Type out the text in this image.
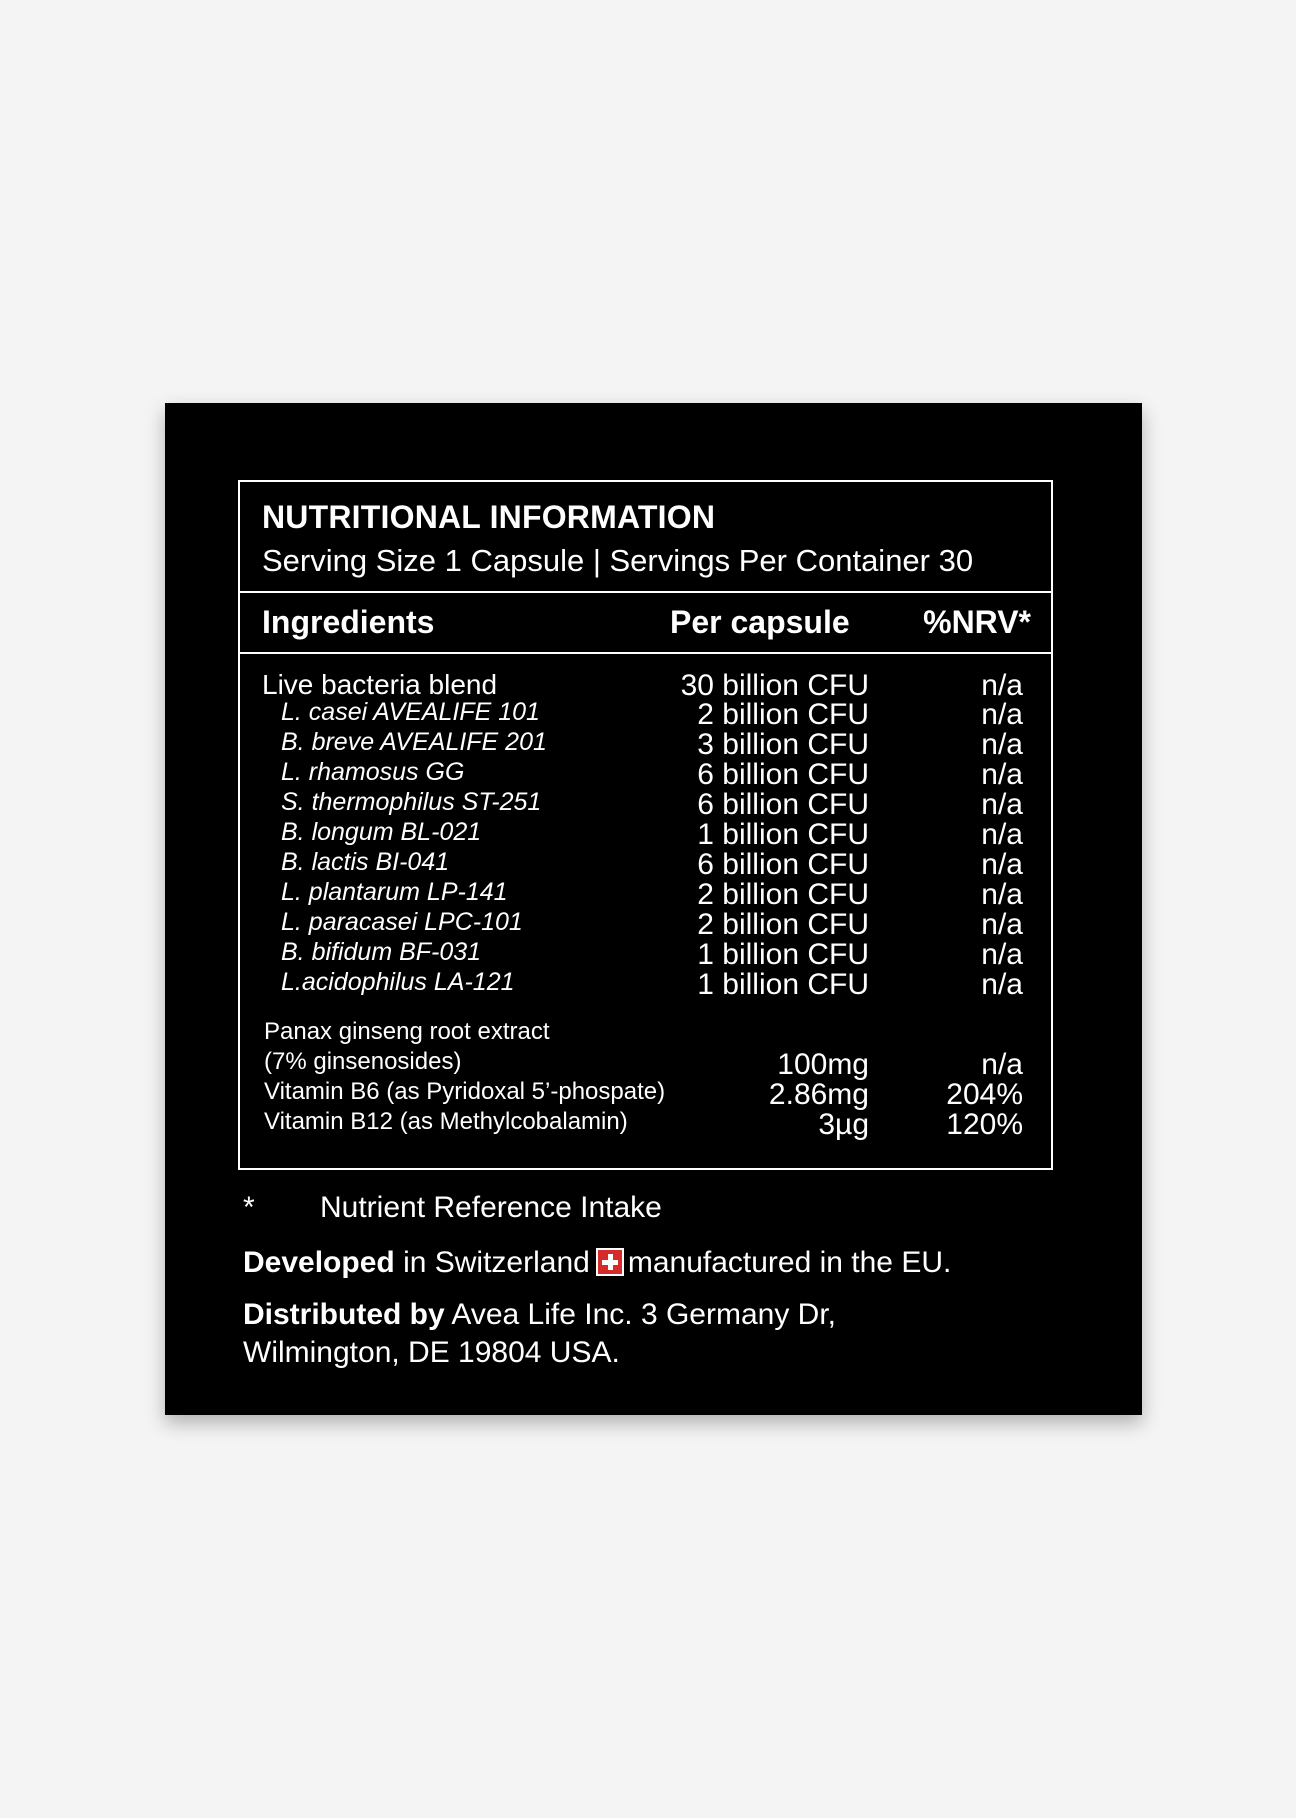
NUTRITIONAL INFORMATION
Serving Size 1 Capsule | Servings Per Container 30
Ingredients	Per capsule %NRV*
Live bacteria blend	30 billion CFU	n/a
L. casei AVEALIFE 101	2 billion CFU	n/a
B. breve AVEALIFE 201	3 billion CFU	n/a
L. rhamosus GG	6 billion CFU	n/a
S. thermophilus ST-251	6 billion CFU	n/a
B. longum BL-021	1 billion CFU	n/a
B. lactis BI-041	6 billion CFU	n/a
L. plantarum LP-141	2 billion CFU	n/a
L. paracasei LPC-101	2 billion CFU	n/a
B. bifidum BF-031	1 billion CFU	n/a
L.acidophilus LA-121	1 billion CFU	n/a
Panax ginseng root extract
(7% ginsenosides)	100mg	n/a
Vitamin B6 (as Pyridoxal 5’-phospate)	2.86mg	204%
Vitamin B12 (as Methylcobalamin)	3µg	120%
* Nutrient Reference Intake
Developed in Switzerland manufactured in the EU.
Distributed by Avea Life Inc. 3 Germany Dr,
Wilmington, DE 19804 USA.
